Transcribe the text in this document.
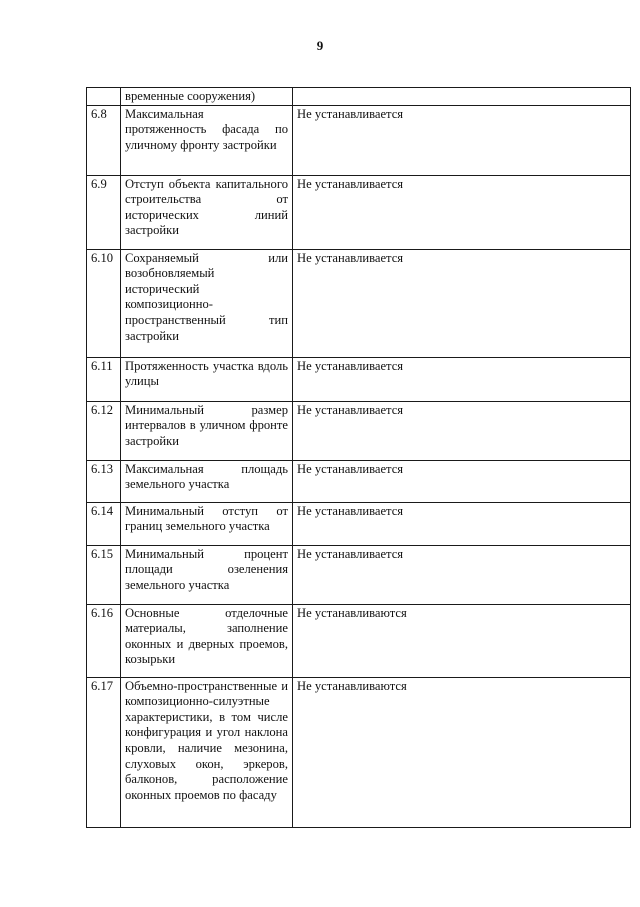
9
	временные сооружения)	
6.8	Максимальная протяженность фасада по уличному фронту застройки	Не устанавливается
6.9	Отступ объекта капитального строительства от исторических линий застройки	Не устанавливается
6.10	Сохраняемый или возобновляемый исторический композиционно-пространственный тип застройки	Не устанавливается
6.11	Протяженность участка вдоль улицы	Не устанавливается
6.12	Минимальный размер интервалов в уличном фронте застройки	Не устанавливается
6.13	Максимальная площадь земельного участка	Не устанавливается
6.14	Минимальный отступ от границ земельного участка	Не устанавливается
6.15	Минимальный процент площади озеленения земельного участка	Не устанавливается
6.16	Основные отделочные материалы, заполнение оконных и дверных проемов, козырьки	Не устанавливаются
6.17	Объемно-пространственные и композиционно-силуэтные характеристики, в том числе конфигурация и угол наклона кровли, наличие мезонина, слуховых окон, эркеров, балконов, расположение оконных проемов по фасаду	Не устанавливаются
